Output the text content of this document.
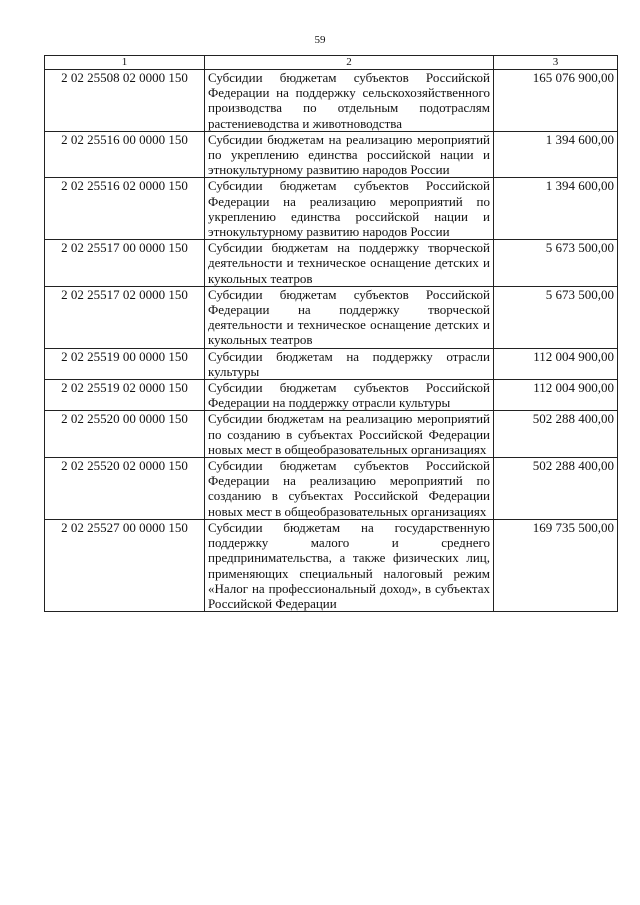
59
1	2	3
2 02 25508 02 0000 150	Субсидии бюджетам субъектов Российской Федерации на поддержку сельскохозяйственного производства по отдельным подотраслям растениеводства и животноводства	165 076 900,00
2 02 25516 00 0000 150	Субсидии бюджетам на реализацию мероприятий по укреплению единства российской нации и этнокультурному развитию народов России	1 394 600,00
2 02 25516 02 0000 150	Субсидии бюджетам субъектов Российской Федерации на реализацию мероприятий по укреплению единства российской нации и этнокультурному развитию народов России	1 394 600,00
2 02 25517 00 0000 150	Субсидии бюджетам на поддержку творческой деятельности и техническое оснащение детских и кукольных театров	5 673 500,00
2 02 25517 02 0000 150	Субсидии бюджетам субъектов Российской Федерации на поддержку творческой деятельности и техническое оснащение детских и кукольных театров	5 673 500,00
2 02 25519 00 0000 150	Субсидии бюджетам на поддержку отрасли культуры	112 004 900,00
2 02 25519 02 0000 150	Субсидии бюджетам субъектов Российской Федерации на поддержку отрасли культуры	112 004 900,00
2 02 25520 00 0000 150	Субсидии бюджетам на реализацию мероприятий по созданию в субъектах Российской Федерации новых мест в общеобразовательных организациях	502 288 400,00
2 02 25520 02 0000 150	Субсидии бюджетам субъектов Российской Федерации на реализацию мероприятий по созданию в субъектах Российской Федерации новых мест в общеобразовательных организациях	502 288 400,00
2 02 25527 00 0000 150	Субсидии бюджетам на государственную поддержку малого и среднего предпринимательства, а также физических лиц, применяющих специальный налоговый режим «Налог на профессиональный доход», в субъектах Российской Федерации	169 735 500,00
